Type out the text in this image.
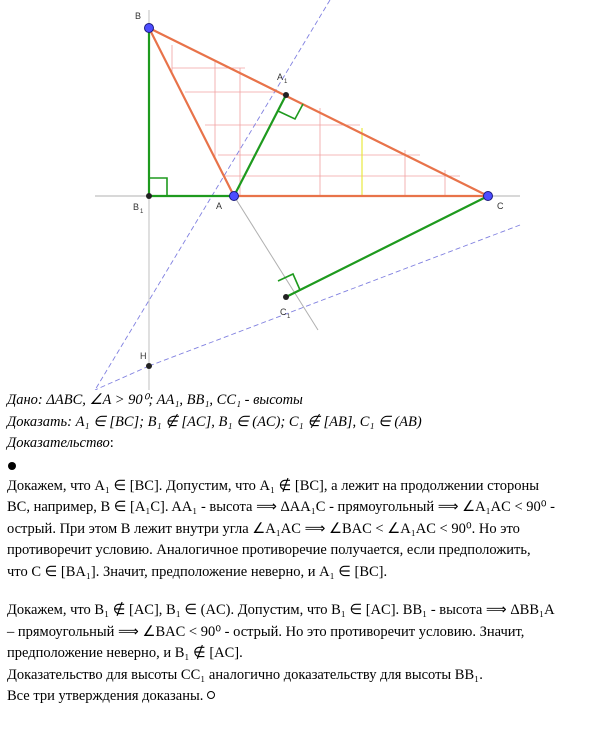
B
A 1
A	C
B 1
C 1
H
Дано: ΔABC, ∠A > 90⁰; AA₁, BB₁, CC₁ - высоты
Доказать: A₁ ∈ [BC]; B₁ ∉ [AC], B₁ ∈ (AC); C₁ ∉ [AB], C₁ ∈ (AB)
Доказательство:
Докажем, что A₁ ∈ [BC]. Допустим, что A₁ ∉ [BC], а лежит на продолжении стороны
BC, например, B ∈ [A₁C]. AA₁ - высота ⟹ ΔAA₁C - прямоугольный ⟹ ∠A₁AC < 90⁰ -
острый. При этом B лежит внутри угла ∠A₁AC ⟹ ∠BAC < ∠A₁AC < 90⁰. Но это
противоречит условию. Аналогичное противоречие получается, если предположить,
что C ∈ [BA₁]. Значит, предположение неверно, и A₁ ∈ [BC].
Докажем, что B₁ ∉ [AC], B₁ ∈ (AC). Допустим, что B₁ ∈ [AC]. BB₁ - высота ⟹ ΔBB₁A
– прямоугольный ⟹ ∠BAC < 90⁰ - острый. Но это противоречит условию. Значит,
предположение неверно, и B₁ ∉ [AC].
Доказательство для высоты CC₁ аналогично доказательству для высоты BB₁.
Все три утверждения доказаны.
